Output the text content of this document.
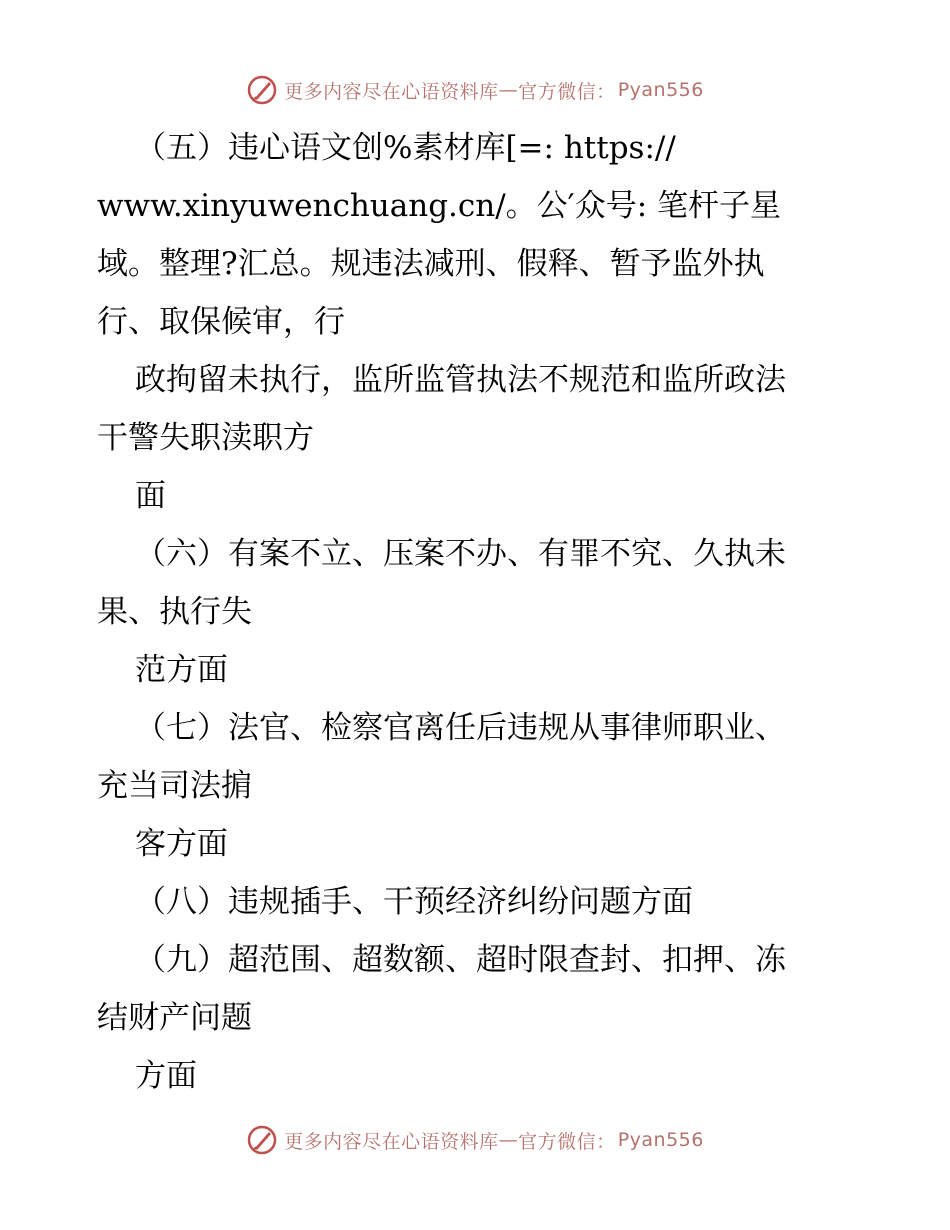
更多内容尽在心语资料库 — 官方微信： Pyan556
（五）违心语文创%素材库[=: https://
www.xinyuwenchuang.cn/。公′众号: 笔杆子星
域。整理?汇总。规违法减刑、假释、暂予监外执
行、取保候审，行
政拘留未执行，监所监管执法不规范和监所政法
干警失职渎职方
面
（六）有案不立、压案不办、有罪不究、久执未
果、执行失
范方面
（七）法官、检察官离任后违规从事律师职业、
充当司法掮
客方面
（八）违规插手、干预经济纠纷问题方面
（九）超范围、超数额、超时限查封、扣押、冻
结财产问题
方面
更多内容尽在心语资料库 — 官方微信： Pyan556
